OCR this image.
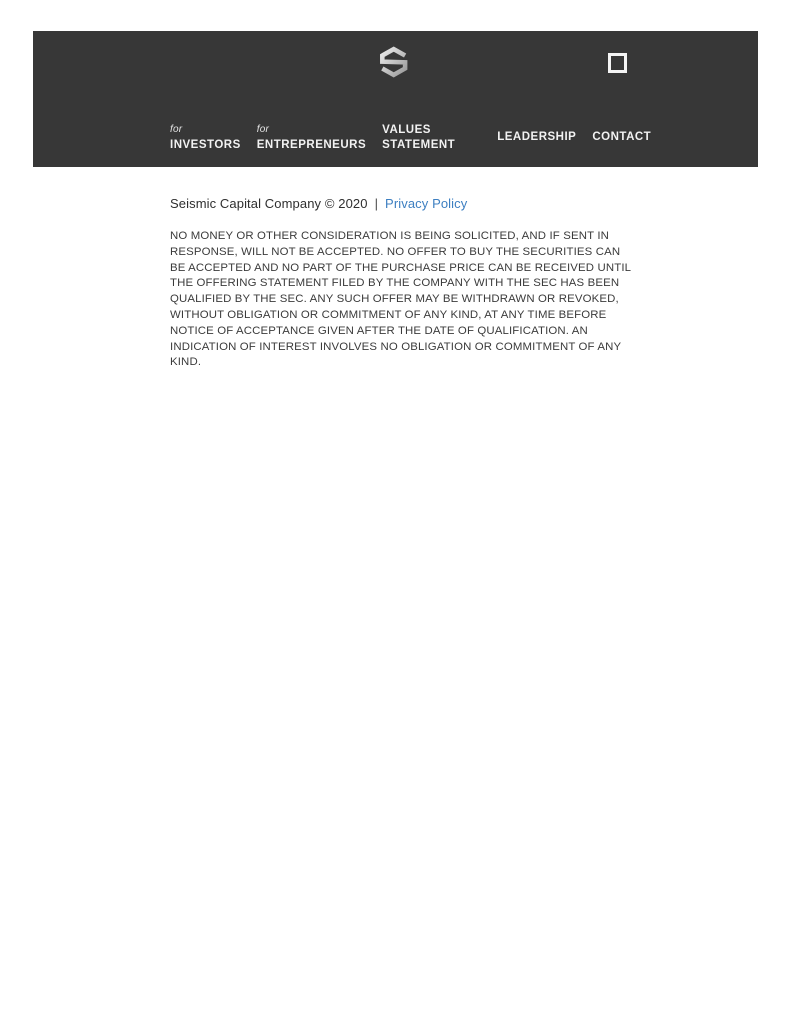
for
INVESTORS
for
ENTREPRENEURS
VALUES
STATEMENT
LEADERSHIP CONTACT
Seismic Capital Company © 2020 | Privacy Policy

NO MONEY OR OTHER CONSIDERATION IS BEING SOLICITED, AND IF SENT IN RESPONSE, WILL NOT BE ACCEPTED. NO OFFER TO BUY THE SECURITIES CAN BE ACCEPTED AND NO PART OF THE PURCHASE PRICE CAN BE RECEIVED UNTIL THE OFFERING STATEMENT FILED BY THE COMPANY WITH THE SEC HAS BEEN QUALIFIED BY THE SEC. ANY SUCH OFFER MAY BE WITHDRAWN OR REVOKED, WITHOUT OBLIGATION OR COMMITMENT OF ANY KIND, AT ANY TIME BEFORE NOTICE OF ACCEPTANCE GIVEN AFTER THE DATE OF QUALIFICATION. AN INDICATION OF INTEREST INVOLVES NO OBLIGATION OR COMMITMENT OF ANY KIND.
